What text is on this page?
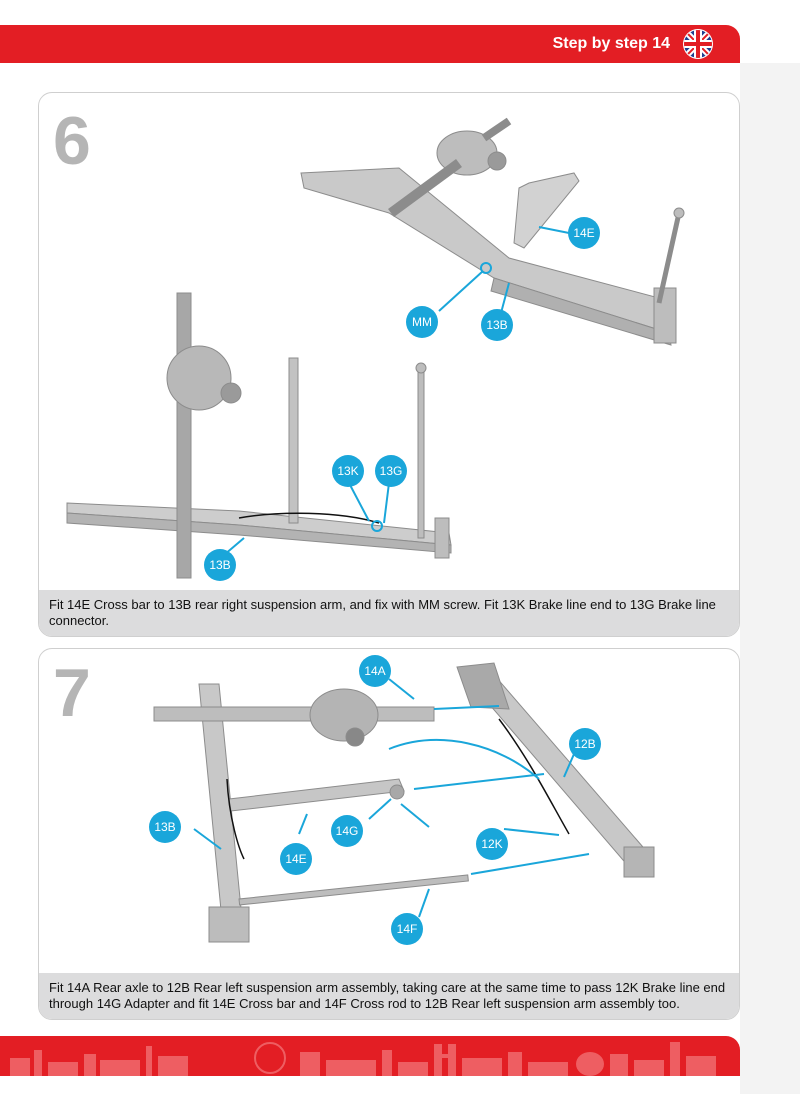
Step by step 14
6
14E
MM	13B
13K	13G
13B
Fit 14E Cross bar to 13B rear right suspension arm, and fix with MM screw. Fit 13K Brake line end to 13G Brake line connector.
7	14A
12B
13B	14G
14E
12K
14F
Fit 14A Rear axle to 12B Rear left suspension arm assembly, taking care at the same time to pass 12K Brake line end through 14G Adapter and fit 14E Cross bar and 14F Cross rod to 12B Rear left suspension arm assembly too.
